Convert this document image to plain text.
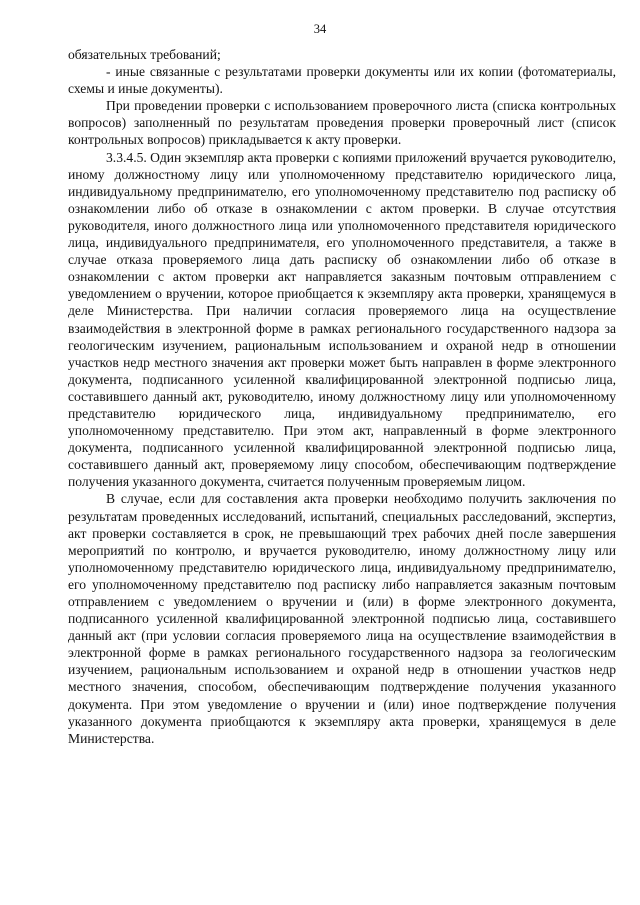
34

обязательных требований;

- иные связанные с результатами проверки документы или их копии (фотоматериалы, схемы и иные документы).

При проведении проверки с использованием проверочного листа (списка контрольных вопросов) заполненный по результатам проведения проверки проверочный лист (список контрольных вопросов) прикладывается к акту проверки.

3.3.4.5. Один экземпляр акта проверки с копиями приложений вручается руководителю, иному должностному лицу или уполномоченному представителю юридического лица, индивидуальному предпринимателю, его уполномоченному представителю под расписку об ознакомлении либо об отказе в ознакомлении с актом проверки. В случае отсутствия руководителя, иного должностного лица или уполномоченного представителя юридического лица, индивидуального предпринимателя, его уполномоченного представителя, а также в случае отказа проверяемого лица дать расписку об ознакомлении либо об отказе в ознакомлении с актом проверки акт направляется заказным почтовым отправлением с уведомлением о вручении, которое приобщается к экземпляру акта проверки, хранящемуся в деле Министерства. При наличии согласия проверяемого лица на осуществление взаимодействия в электронной форме в рамках регионального государственного надзора за геологическим изучением, рациональным использованием и охраной недр в отношении участков недр местного значения акт проверки может быть направлен в форме электронного документа, подписанного усиленной квалифицированной электронной подписью лица, составившего данный акт, руководителю, иному должностному лицу или уполномоченному представителю юридического лица, индивидуальному предпринимателю, его уполномоченному представителю. При этом акт, направленный в форме электронного документа, подписанного усиленной квалифицированной электронной подписью лица, составившего данный акт, проверяемому лицу способом, обеспечивающим подтверждение получения указанного документа, считается полученным проверяемым лицом.

В случае, если для составления акта проверки необходимо получить заключения по результатам проведенных исследований, испытаний, специальных расследований, экспертиз, акт проверки составляется в срок, не превышающий трех рабочих дней после завершения мероприятий по контролю, и вручается руководителю, иному должностному лицу или уполномоченному представителю юридического лица, индивидуальному предпринимателю, его уполномоченному представителю под расписку либо направляется заказным почтовым отправлением с уведомлением о вручении и (или) в форме электронного документа, подписанного усиленной квалифицированной электронной подписью лица, составившего данный акт (при условии согласия проверяемого лица на осуществление взаимодействия в электронной форме в рамках регионального государственного надзора за геологическим изучением, рациональным использованием и охраной недр в отношении участков недр местного значения, способом, обеспечивающим подтверждение получения указанного документа. При этом уведомление о вручении и (или) иное подтверждение получения указанного документа приобщаются к экземпляру акта проверки, хранящемуся в деле Министерства.
